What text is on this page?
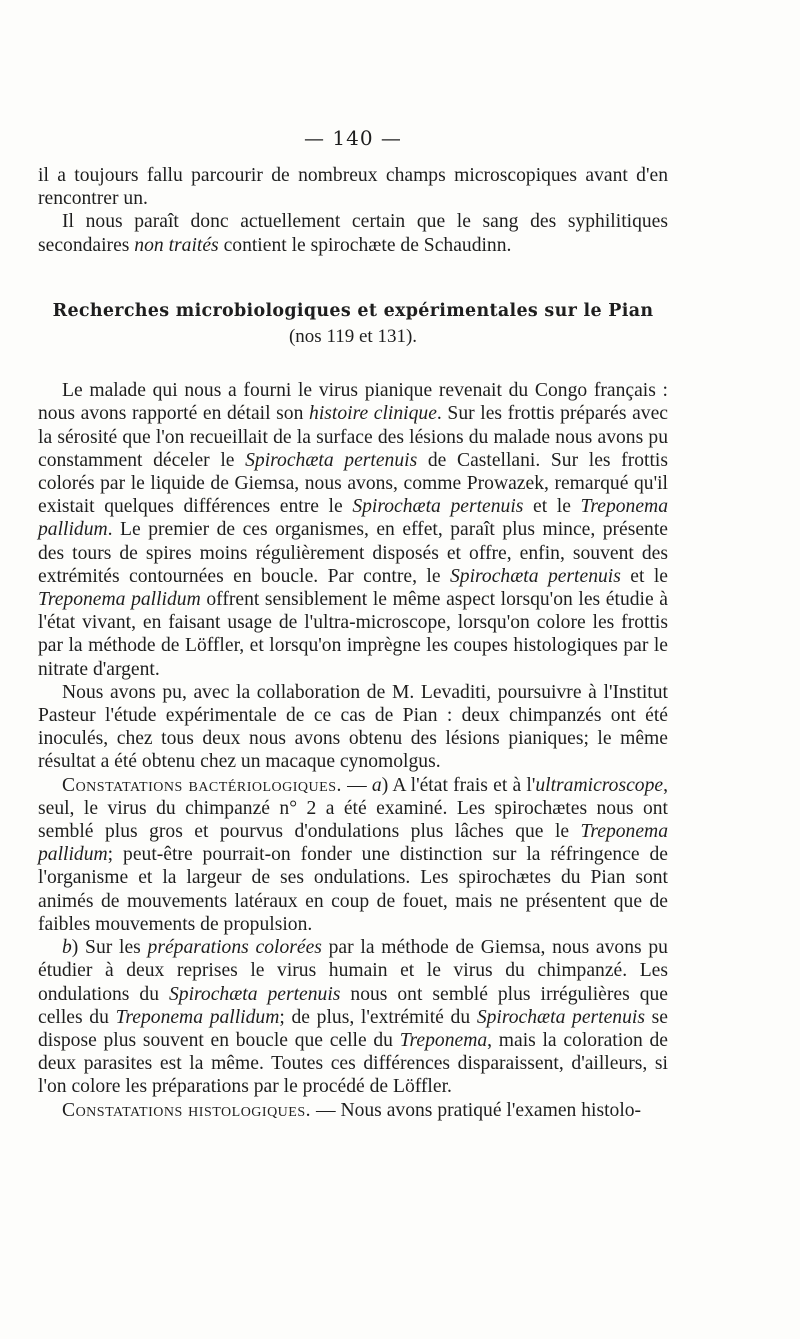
— 140 —

il a toujours fallu parcourir de nombreux champs microscopiques avant d'en rencontrer un.

Il nous paraît donc actuellement certain que le sang des syphilitiques secondaires non traités contient le spirochæte de Schaudinn.

Recherches microbiologiques et expérimentales sur le Pian
(nos 119 et 131).

Le malade qui nous a fourni le virus pianique revenait du Congo français : nous avons rapporté en détail son histoire clinique. Sur les frottis préparés avec la sérosité que l'on recueillait de la surface des lésions du malade nous avons pu constamment déceler le Spirochæta pertenuis de Castellani. Sur les frottis colorés par le liquide de Giemsa, nous avons, comme Prowazek, remarqué qu'il existait quelques différences entre le Spirochæta pertenuis et le Treponema pallidum. Le premier de ces organismes, en effet, paraît plus mince, présente des tours de spires moins régulièrement disposés et offre, enfin, souvent des extrémités contournées en boucle. Par contre, le Spirochæta pertenuis et le Treponema pallidum offrent sensiblement le même aspect lorsqu'on les étudie à l'état vivant, en faisant usage de l'ultra-microscope, lorsqu'on colore les frottis par la méthode de Löffler, et lorsqu'on imprègne les coupes histologiques par le nitrate d'argent.

Nous avons pu, avec la collaboration de M. Levaditi, poursuivre à l'Institut Pasteur l'étude expérimentale de ce cas de Pian : deux chimpanzés ont été inoculés, chez tous deux nous avons obtenu des lésions pianiques; le même résultat a été obtenu chez un macaque cynomolgus.

Constatations bactériologiques. — a) A l'état frais et à l'ultramicroscope, seul, le virus du chimpanzé n° 2 a été examiné. Les spirochætes nous ont semblé plus gros et pourvus d'ondulations plus lâches que le Treponema pallidum; peut-être pourrait-on fonder une distinction sur la réfringence de l'organisme et la largeur de ses ondulations. Les spirochætes du Pian sont animés de mouvements latéraux en coup de fouet, mais ne présentent que de faibles mouvements de propulsion.

b) Sur les préparations colorées par la méthode de Giemsa, nous avons pu étudier à deux reprises le virus humain et le virus du chimpanzé. Les ondulations du Spirochæta pertenuis nous ont semblé plus irrégulières que celles du Treponema pallidum; de plus, l'extrémité du Spirochæta pertenuis se dispose plus souvent en boucle que celle du Treponema, mais la coloration de deux parasites est la même. Toutes ces différences disparaissent, d'ailleurs, si l'on colore les préparations par le procédé de Löffler.

Constatations histologiques. — Nous avons pratiqué l'examen histolo-
